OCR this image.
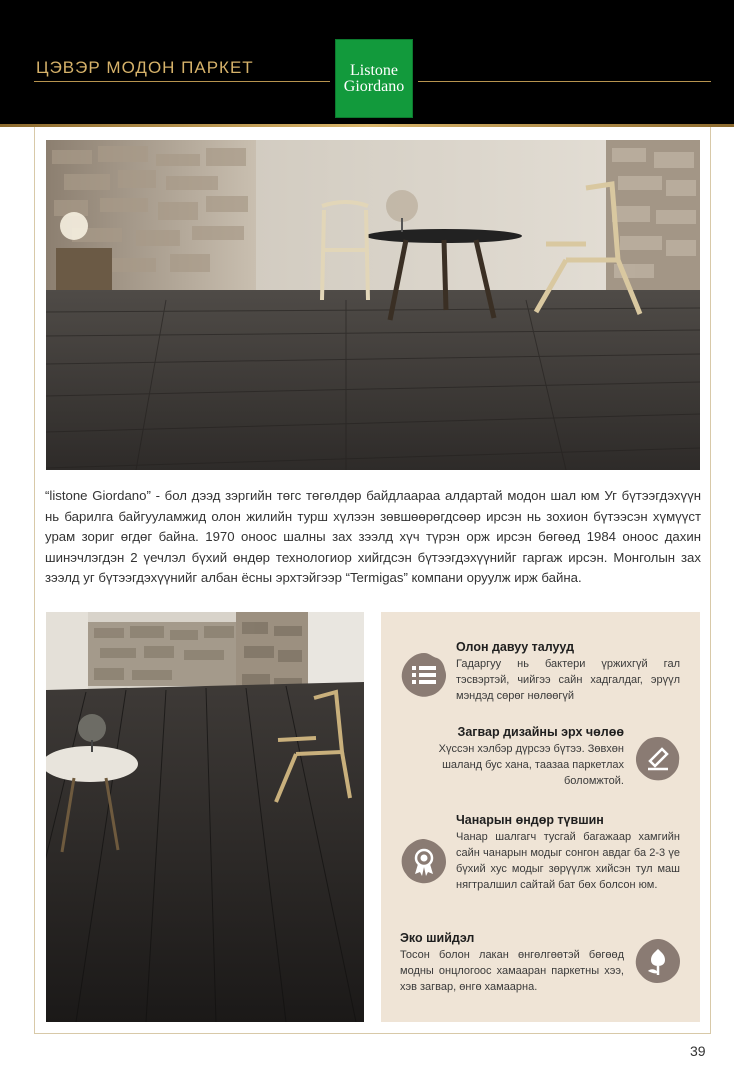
ЦЭВЭР МОДОН ПАРКЕТ	Listone
Giordano
“listone Giordano” - бол дээд зэргийн төгс төгөлдөр байдлаараа алдартай модон шал юм Уг бүтээгдэхүүн нь барилга байгууламжид олон жилийн турш хүлээн зөвшөөрөгдсөөр ирсэн нь зохион бүтээсэн хүмүүст урам зориг өгдөг байна. 1970 оноос шалны зах зээлд хүч түрэн орж ирсэн бөгөөд 1984 оноос дахин шинэчлэгдэн 2 үечлэл бүхий өндөр технологиор хийгдсэн бүтээгдэхүүнийг гаргаж ирсэн. Монголын зах зээлд уг бүтээгдэхүүнийг албан ёсны эрхтэйгээр “Termigas” компани оруулж ирж байна.
Олон давуу талууд

Гадаргуу нь бактери үржихгүй гал тэсвэртэй, чийгээ сайн хадгалдаг, эрүүл мэндэд сөрөг нөлөөгүй

Загвар дизайны эрх чөлөө

Хүссэн хэлбэр дүрсээ бүтээ. Зөвхөн шаланд бус хана, таазаа паркетлах боломжтой.

Чанарын өндөр түвшин

Чанар шалгагч тусгай багажаар хамгийн сайн чанарын модыг сонгон авдаг ба 2-3 үе бүхий хус модыг зөрүүлж хийсэн тул маш нягтралшил сайтай бат бөх болсон юм.

Эко шийдэл

Тосон болон лакан өнгөлгөөтэй бөгөөд модны онцлогоос хамааран паркетны хээ, хэв загвар, өнгө хамаарна.

39
